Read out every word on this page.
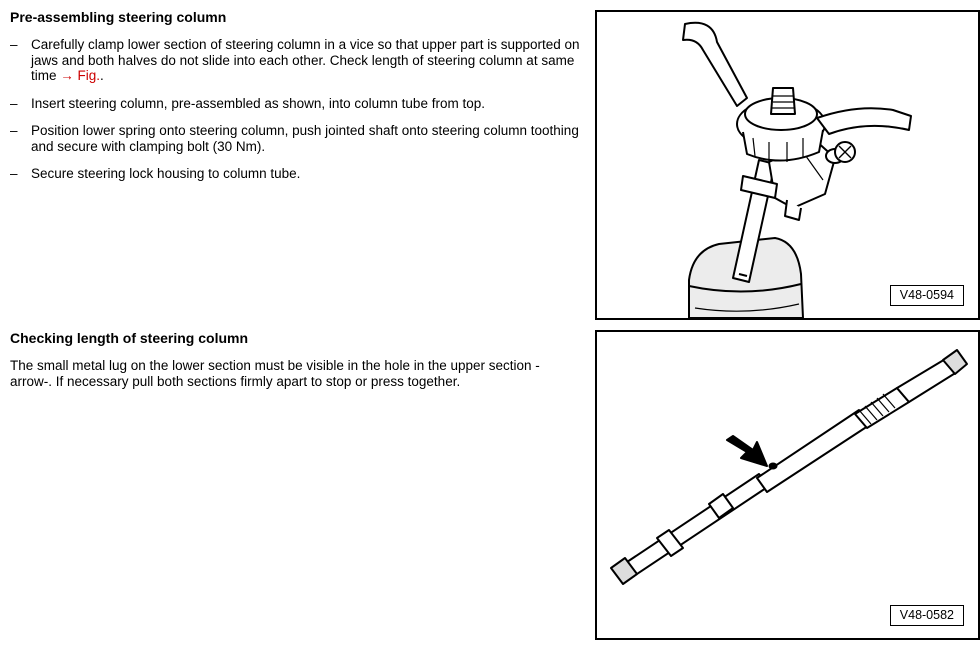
Pre-assembling steering column
– Carefully clamp lower section of steering column in a vice so that upper part is supported on jaws and both halves do not slide into each other. Check length of steering column at same time → Fig..
– Insert steering column, pre-assembled as shown, into column tube from top.
– Position lower spring onto steering column, push jointed shaft onto steering column toothing and secure with clamping bolt (30 Nm).
– Secure steering lock housing to column tube.
Checking length of steering column

The small metal lug on the lower section must be visible in the hole in the upper section -arrow-. If necessary pull both sections firmly apart to stop or press together.

V48-0594
V48-0582
